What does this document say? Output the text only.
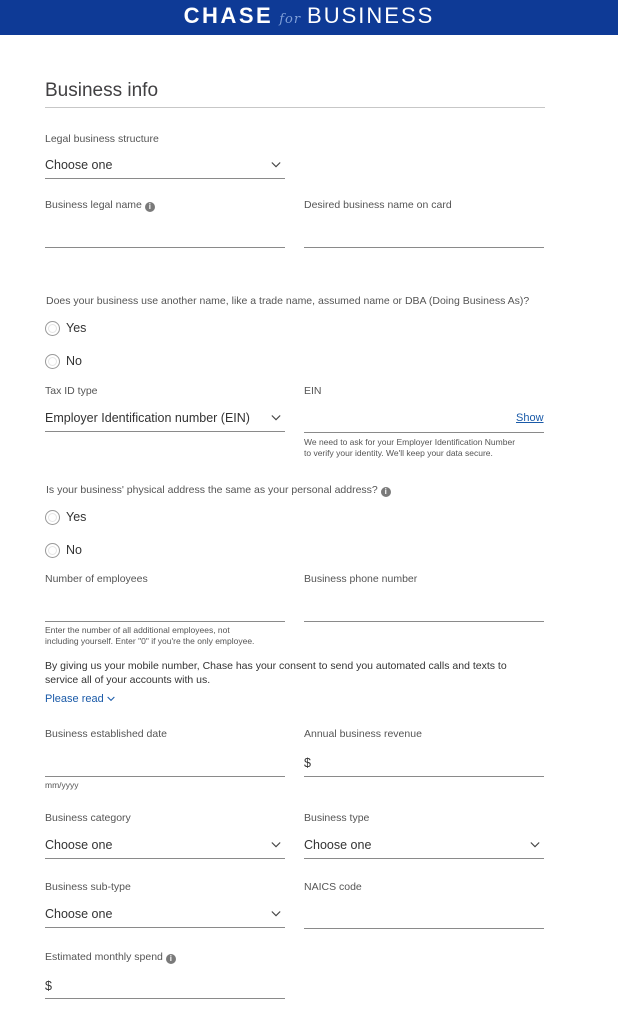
CHASE for BUSINESS
Business info
Legal business structure
Choose one
Business legal name i	Desired business name on card
Does your business use another name, like a trade name, assumed name or DBA (Doing Business As)?
Yes
No
Tax ID type
Employer Identification number (EIN)
EIN
Show
We need to ask for your Employer Identification Number
to verify your identity. We'll keep your data secure.
Is your business' physical address the same as your personal address? i
Yes
No
Number of employees
Enter the number of all additional employees, not
including yourself. Enter "0" if you're the only employee.
Business phone number
By giving us your mobile number, Chase has your consent to send you automated calls and texts to
service all of your accounts with us.
Please read
Business established date
mm/yyyy
Annual business revenue
$
Business category
Choose one
Business type
Choose one
Business sub-type
Choose one
NAICS code
Estimated monthly spend i
$
